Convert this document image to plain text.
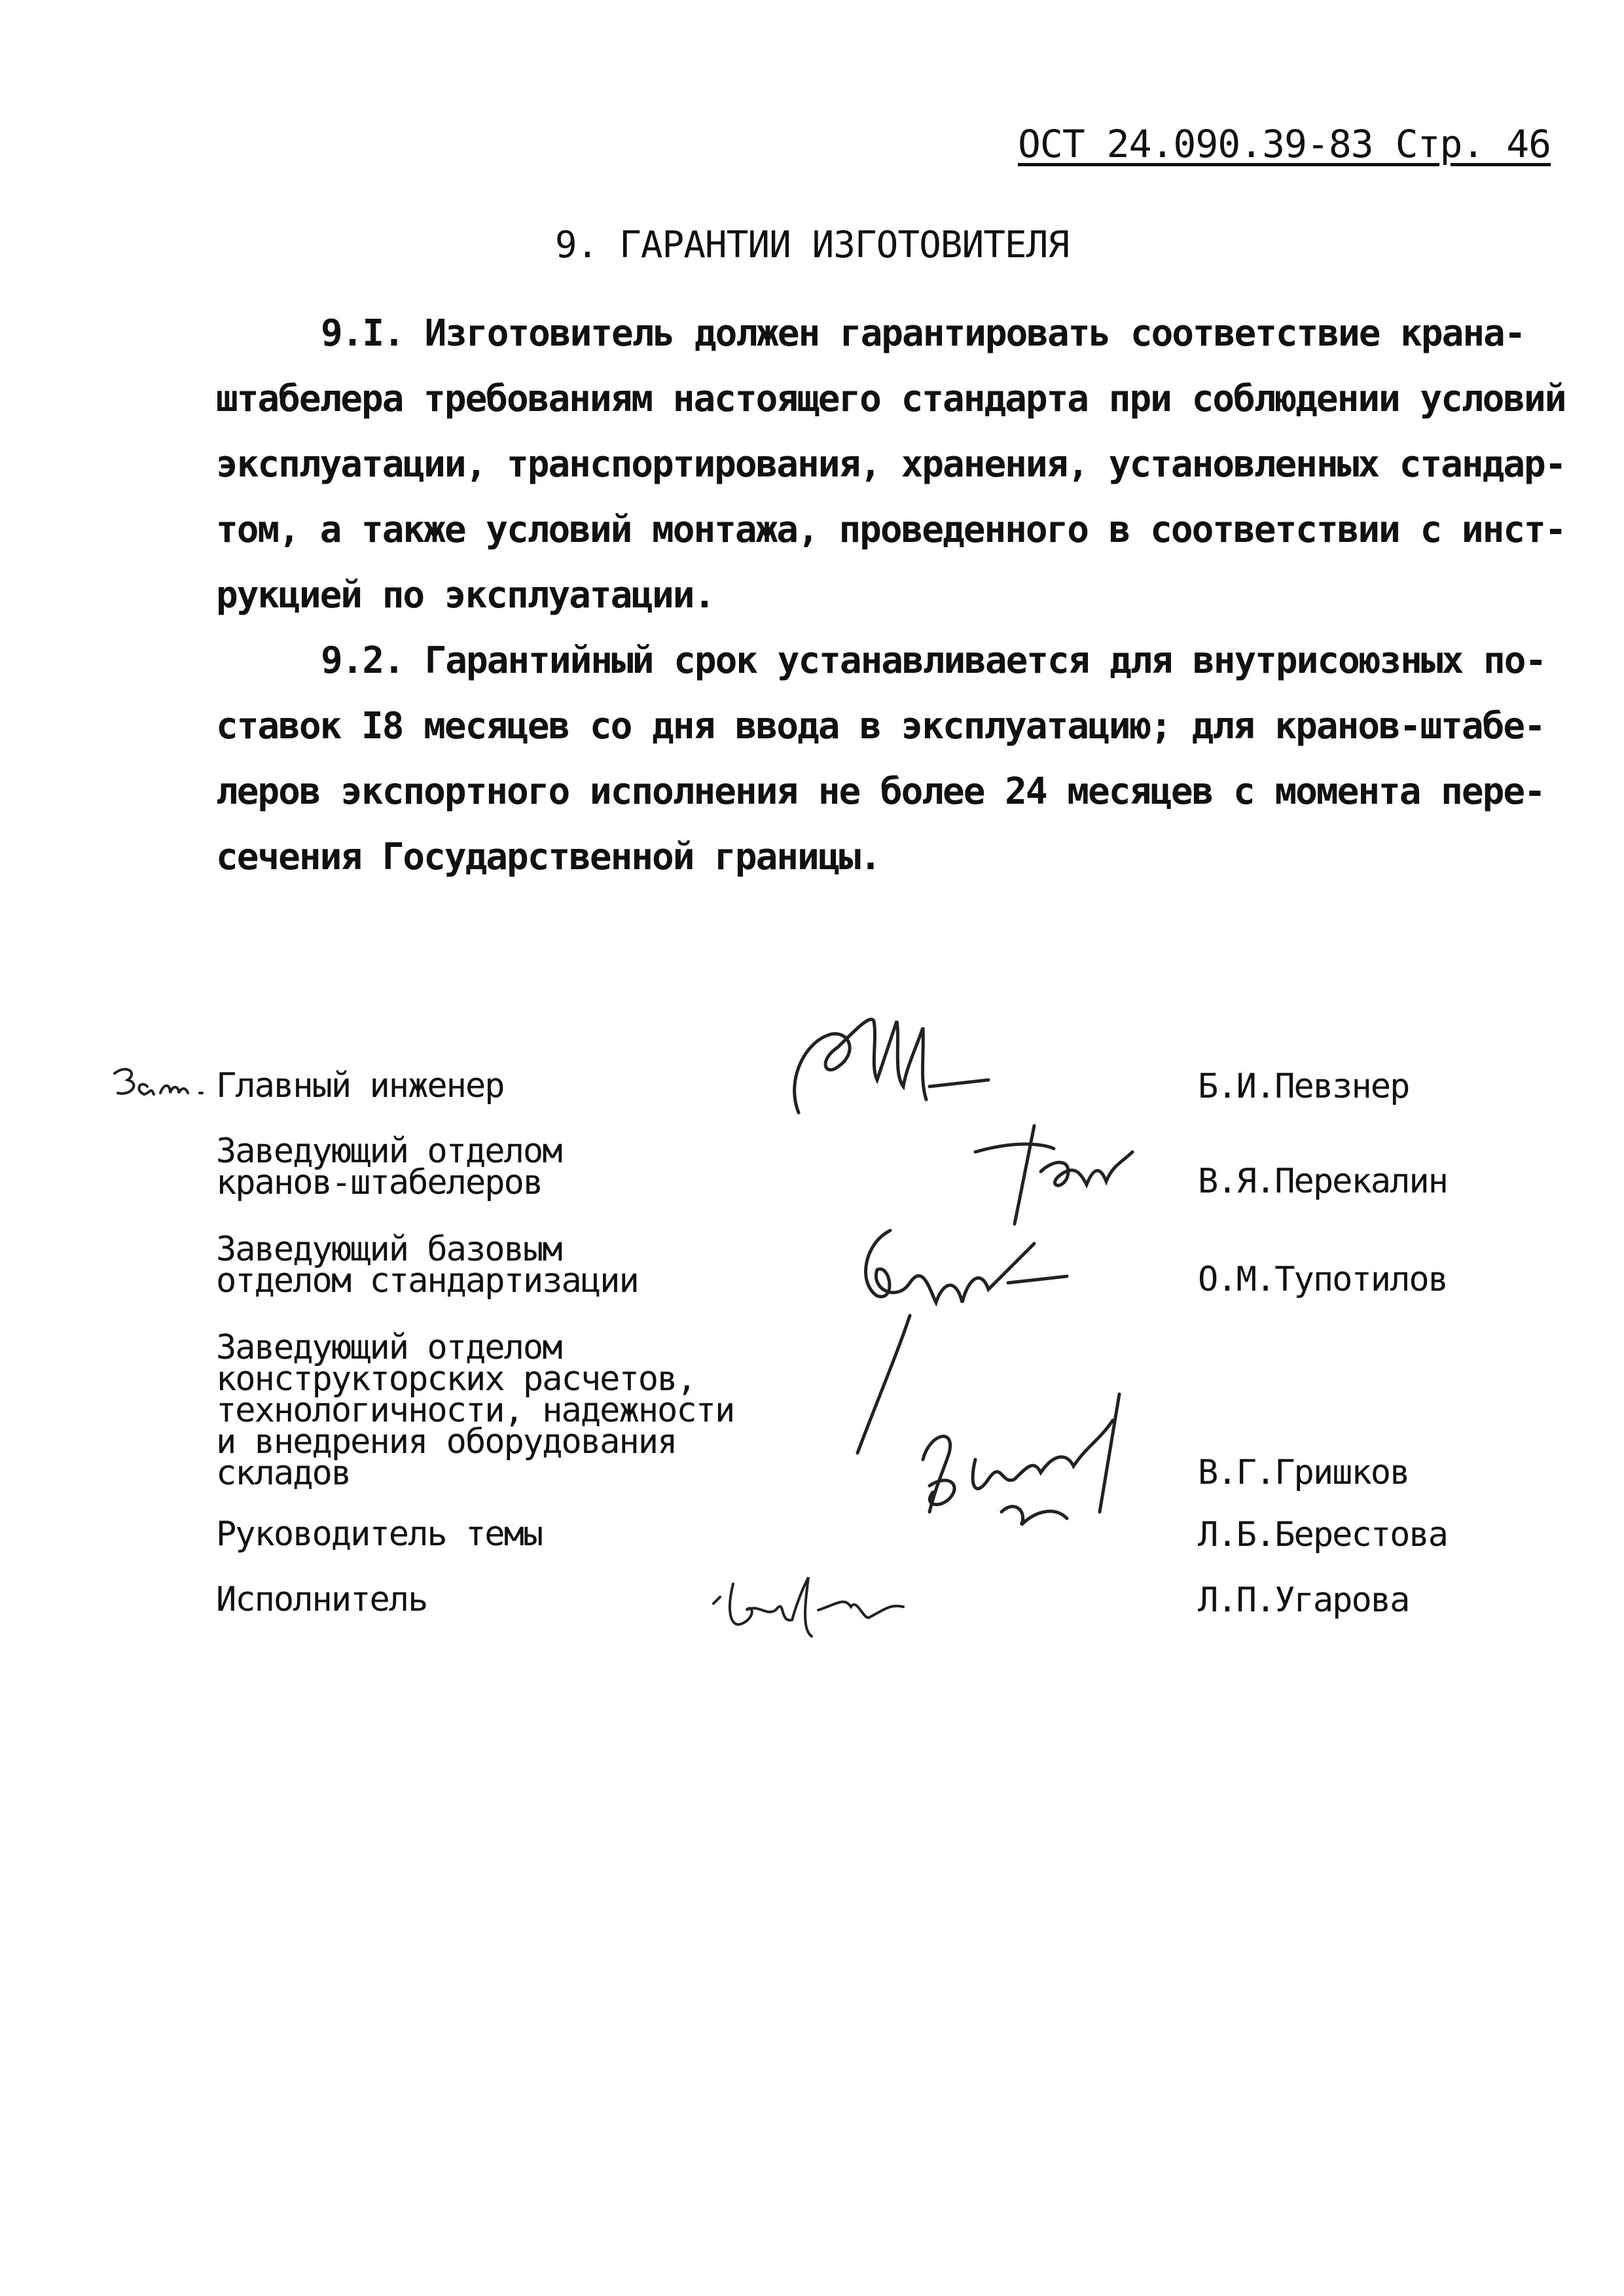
ОСТ 24.090.39-83 Стр. 46
9. ГАРАНТИИ ИЗГОТОВИТЕЛЯ
9.I. Изготовитель должен гарантировать соответствие крана-
штабелера требованиям настоящего стандарта при соблюдении условий
эксплуатации, транспортирования, хранения, установленных стандар-
том, а также условий монтажа, проведенного в соответствии с инст-
рукцией по эксплуатации.
9.2. Гарантийный срок устанавливается для внутрисоюзных по-
ставок I8 месяцев со дня ввода в эксплуатацию; для кранов-штабе-
леров экспортного исполнения не более 24 месяцев с момента пере-
сечения Государственной границы.
Главный инженер	Б.И.Певзнер
Заведующий отделом
кранов-штабелеров	В.Я.Перекалин
Заведующий базовым
отделом стандартизации	О.М.Тупотилов
Заведующий отделом
конструкторских расчетов,
технологичности, надежности
и внедрения оборудования
складов	В.Г.Гришков
Руководитель темы	Л.Б.Берестова
Исполнитель	Л.П.Угарова
